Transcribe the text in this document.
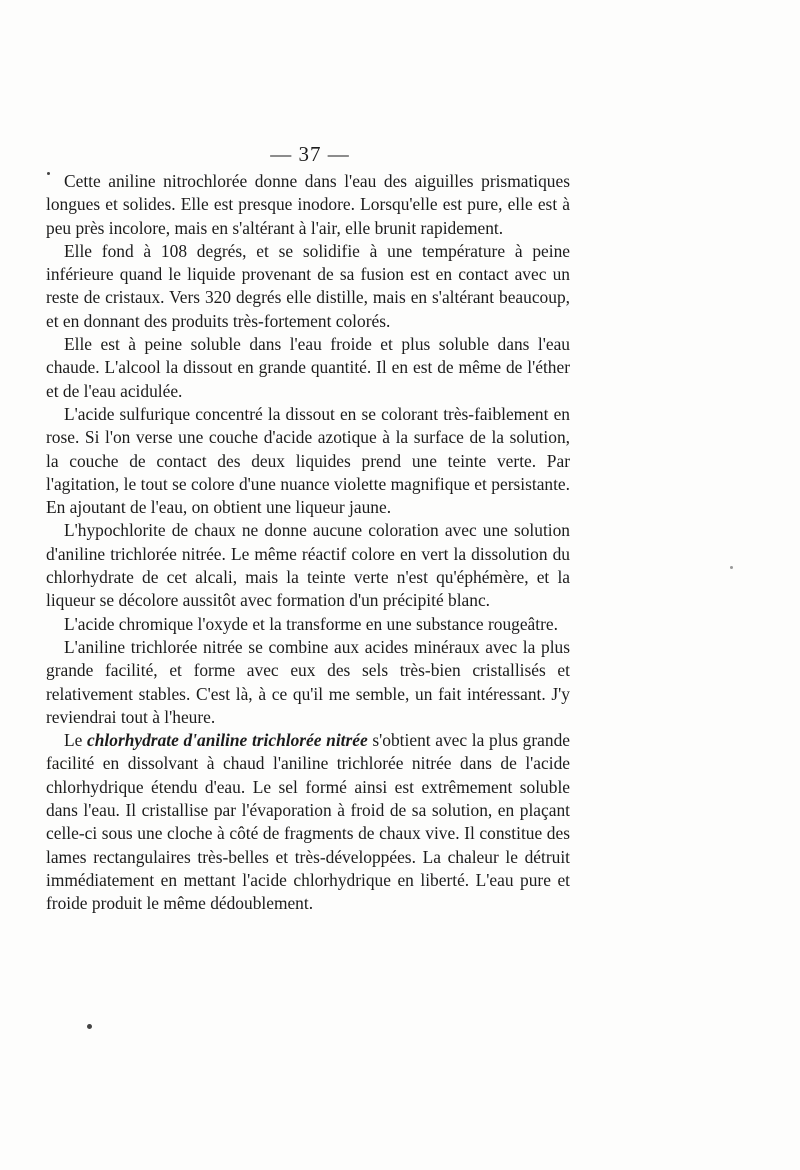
— 37 —

Cette aniline nitrochlorée donne dans l'eau des aiguilles prismatiques longues et solides. Elle est presque inodore. Lorsqu'elle est pure, elle est à peu près incolore, mais en s'altérant à l'air, elle brunit rapidement.

Elle fond à 108 degrés, et se solidifie à une température à peine inférieure quand le liquide provenant de sa fusion est en contact avec un reste de cristaux. Vers 320 degrés elle distille, mais en s'altérant beaucoup, et en donnant des produits très-fortement colorés.

Elle est à peine soluble dans l'eau froide et plus soluble dans l'eau chaude. L'alcool la dissout en grande quantité. Il en est de même de l'éther et de l'eau acidulée.

L'acide sulfurique concentré la dissout en se colorant très-faiblement en rose. Si l'on verse une couche d'acide azotique à la surface de la solution, la couche de contact des deux liquides prend une teinte verte. Par l'agitation, le tout se colore d'une nuance violette magnifique et persistante. En ajoutant de l'eau, on obtient une liqueur jaune.

L'hypochlorite de chaux ne donne aucune coloration avec une solution d'aniline trichlorée nitrée. Le même réactif colore en vert la dissolution du chlorhydrate de cet alcali, mais la teinte verte n'est qu'éphémère, et la liqueur se décolore aussitôt avec formation d'un précipité blanc.

L'acide chromique l'oxyde et la transforme en une substance rougeâtre.

L'aniline trichlorée nitrée se combine aux acides minéraux avec la plus grande facilité, et forme avec eux des sels très-bien cristallisés et relativement stables. C'est là, à ce qu'il me semble, un fait intéressant. J'y reviendrai tout à l'heure.

Le chlorhydrate d'aniline trichlorée nitrée s'obtient avec la plus grande facilité en dissolvant à chaud l'aniline trichlorée nitrée dans de l'acide chlorhydrique étendu d'eau. Le sel formé ainsi est extrêmement soluble dans l'eau. Il cristallise par l'évaporation à froid de sa solution, en plaçant celle-ci sous une cloche à côté de fragments de chaux vive. Il constitue des lames rectangulaires très-belles et très-développées. La chaleur le détruit immédiatement en mettant l'acide chlorhydrique en liberté. L'eau pure et froide produit le même dédoublement.
